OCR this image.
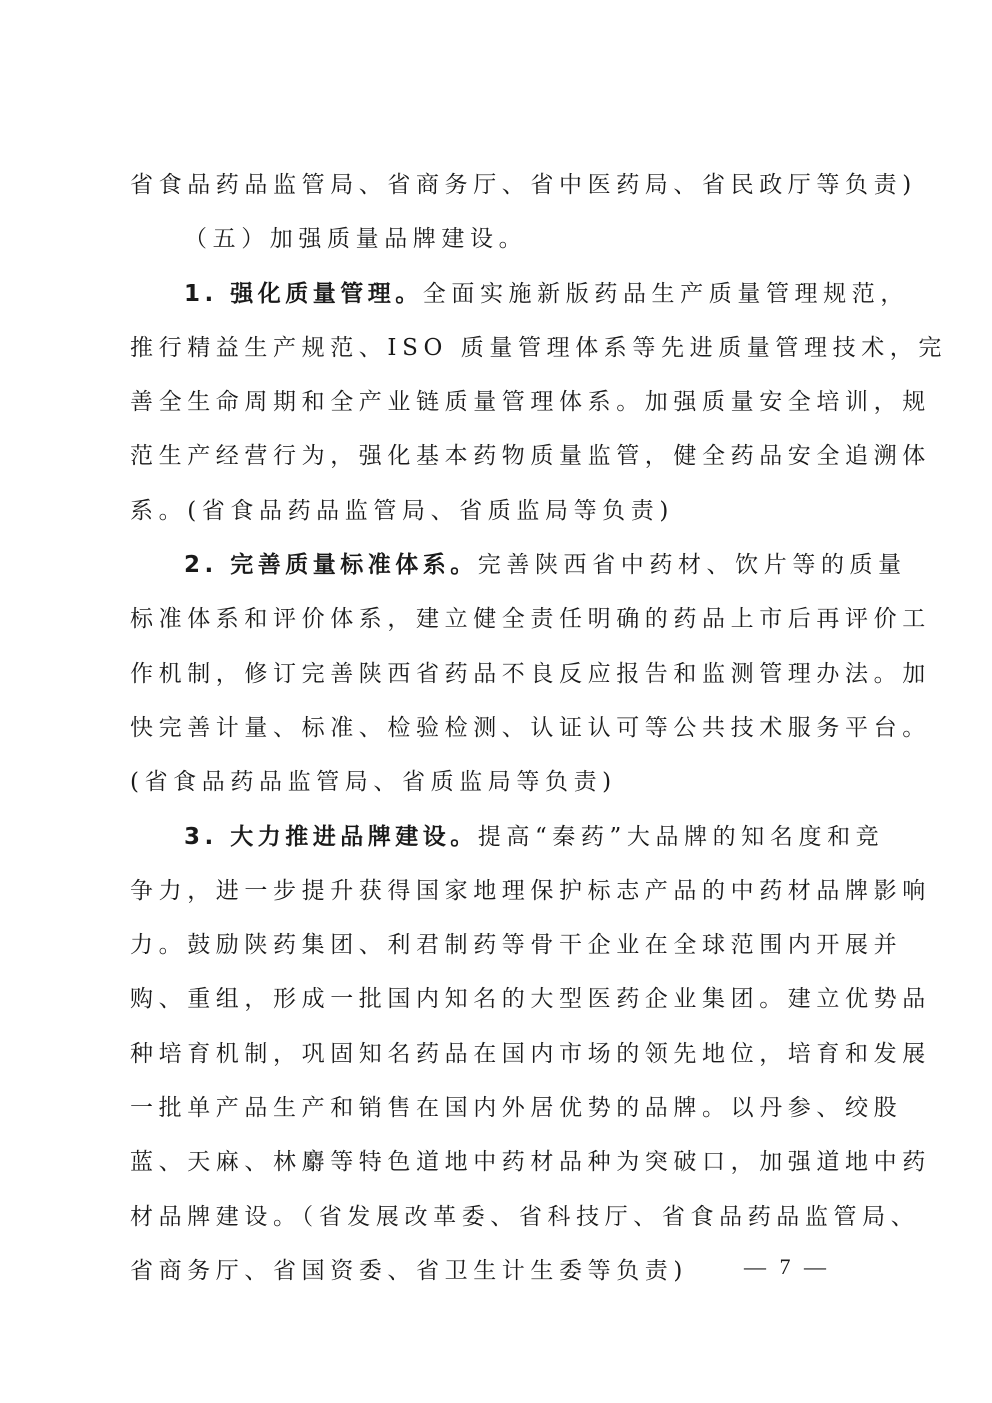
省食品药品监管局、省商务厅、省中医药局、省民政厅等负责)
（五）加强质量品牌建设。
1. 强化质量管理。全面实施新版药品生产质量管理规范，
推行精益生产规范、ISO 质量管理体系等先进质量管理技术，完
善全生命周期和全产业链质量管理体系。加强质量安全培训，规
范生产经营行为，强化基本药物质量监管，健全药品安全追溯体
系。(省食品药品监管局、省质监局等负责)
2. 完善质量标准体系。完善陕西省中药材、饮片等的质量
标准体系和评价体系，建立健全责任明确的药品上市后再评价工
作机制，修订完善陕西省药品不良反应报告和监测管理办法。加
快完善计量、标准、检验检测、认证认可等公共技术服务平台。
(省食品药品监管局、省质监局等负责)
3. 大力推进品牌建设。提高“秦药”大品牌的知名度和竞
争力，进一步提升获得国家地理保护标志产品的中药材品牌影响
力。鼓励陕药集团、利君制药等骨干企业在全球范围内开展并
购、重组，形成一批国内知名的大型医药企业集团。建立优势品
种培育机制，巩固知名药品在国内市场的领先地位，培育和发展
一批单产品生产和销售在国内外居优势的品牌。以丹参、绞股
蓝、天麻、林麝等特色道地中药材品种为突破口，加强道地中药
材品牌建设。（省发展改革委、省科技厅、省食品药品监管局、
省商务厅、省国资委、省卫生计生委等负责)	— 7 —
